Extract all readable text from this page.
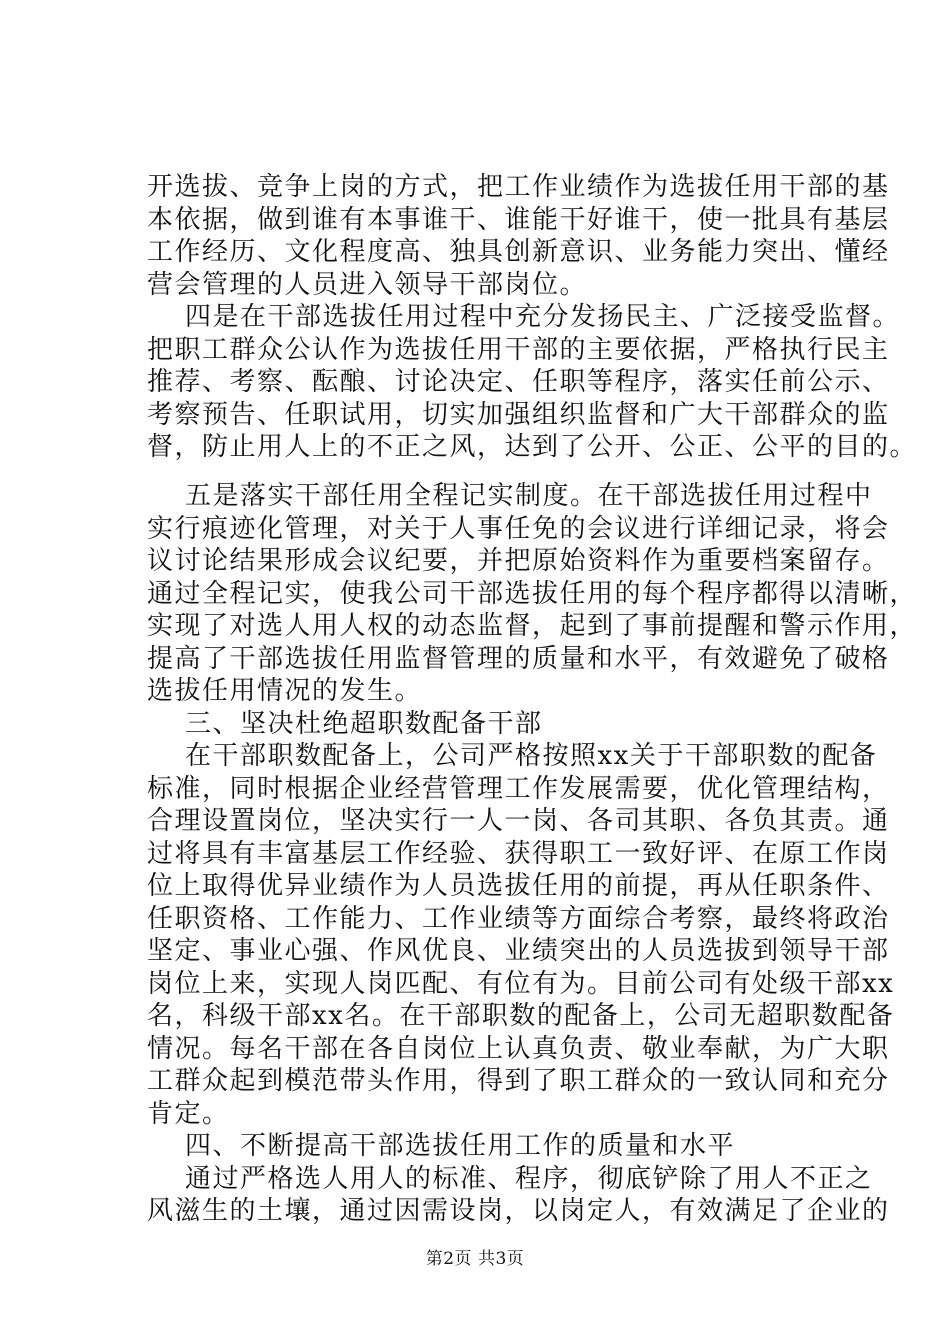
开选拔、竞争上岗的方式，把工作业绩作为选拔任用干部的基
本依据，做到谁有本事谁干、谁能干好谁干，使一批具有基层
工作经历、文化程度高、独具创新意识、业务能力突出、懂经
营会管理的人员进入领导干部岗位。
四是在干部选拔任用过程中充分发扬民主、广泛接受监督。
把职工群众公认作为选拔任用干部的主要依据，严格执行民主
推荐、考察、酝酿、讨论决定、任职等程序，落实任前公示、
考察预告、任职试用，切实加强组织监督和广大干部群众的监
督，防止用人上的不正之风，达到了公开、公正、公平的目的。
五是落实干部任用全程记实制度。在干部选拔任用过程中
实行痕迹化管理，对关于人事任免的会议进行详细记录，将会
议讨论结果形成会议纪要，并把原始资料作为重要档案留存。
通过全程记实，使我公司干部选拔任用的每个程序都得以清晰，
实现了对选人用人权的动态监督，起到了事前提醒和警示作用，
提高了干部选拔任用监督管理的质量和水平，有效避免了破格
选拔任用情况的发生。
三、坚决杜绝超职数配备干部
在干部职数配备上，公司严格按照xx关于干部职数的配备
标准，同时根据企业经营管理工作发展需要，优化管理结构，
合理设置岗位，坚决实行一人一岗、各司其职、各负其责。通
过将具有丰富基层工作经验、获得职工一致好评、在原工作岗
位上取得优异业绩作为人员选拔任用的前提，再从任职条件、
任职资格、工作能力、工作业绩等方面综合考察，最终将政治
坚定、事业心强、作风优良、业绩突出的人员选拔到领导干部
岗位上来，实现人岗匹配、有位有为。目前公司有处级干部xx
名，科级干部xx名。在干部职数的配备上，公司无超职数配备
情况。每名干部在各自岗位上认真负责、敬业奉献，为广大职
工群众起到模范带头作用，得到了职工群众的一致认同和充分
肯定。
四、不断提高干部选拔任用工作的质量和水平
通过严格选人用人的标准、程序，彻底铲除了用人不正之
风滋生的土壤，通过因需设岗，以岗定人，有效满足了企业的
第2页 共3页
